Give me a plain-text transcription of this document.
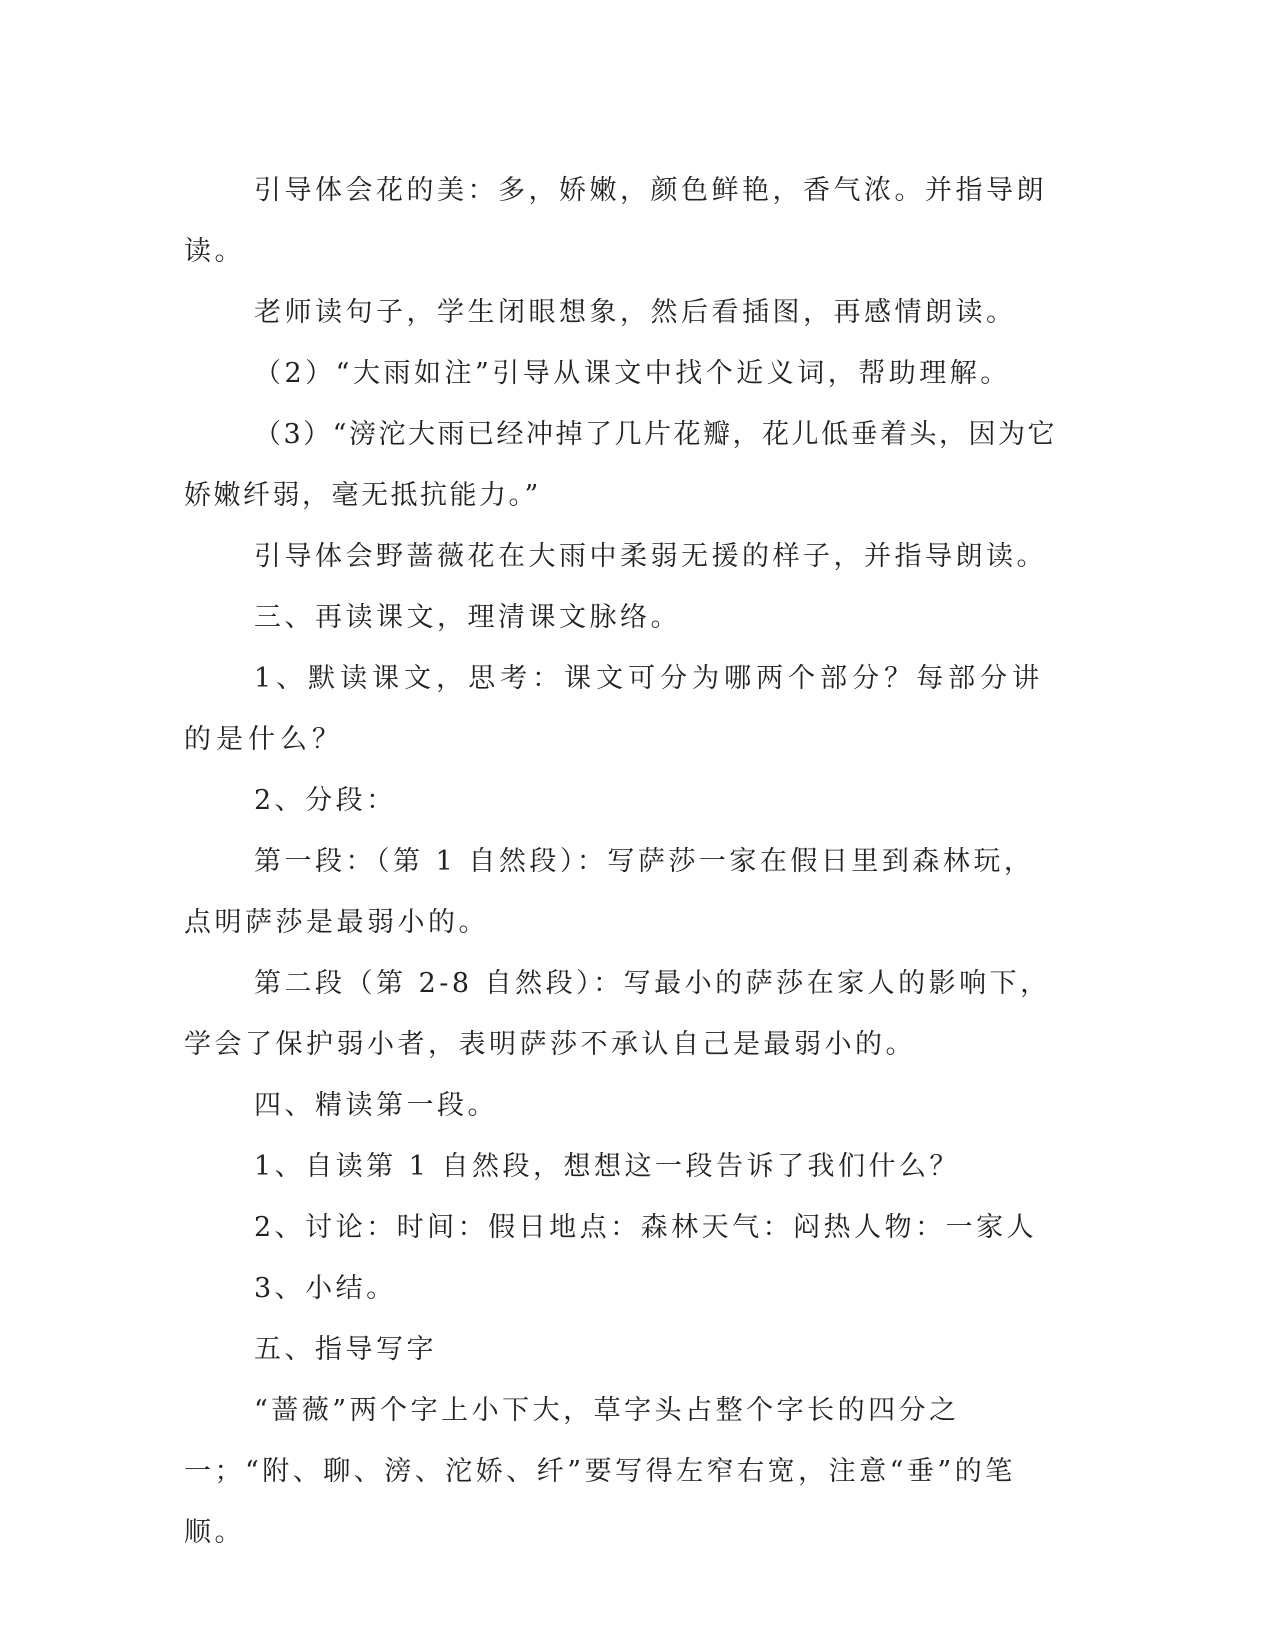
引导体会花的美：多，娇嫩，颜色鲜艳，香气浓。并指导朗读。

老师读句子，学生闭眼想象，然后看插图，再感情朗读。

（2）“大雨如注”引导从课文中找个近义词，帮助理解。

（3）“滂沱大雨已经冲掉了几片花瓣，花儿低垂着头，因为它娇嫩纤弱，毫无抵抗能力。”

引导体会野蔷薇花在大雨中柔弱无援的样子，并指导朗读。

三、再读课文，理清课文脉络。

1、默读课文，思考：课文可分为哪两个部分？每部分讲的是什么？

2、分段：

第一段：（第 1 自然段）：写萨莎一家在假日里到森林玩，点明萨莎是最弱小的。

第二段（第 2-8 自然段）：写最小的萨莎在家人的影响下，学会了保护弱小者，表明萨莎不承认自己是最弱小的。

四、精读第一段。

1、自读第 1 自然段，想想这一段告诉了我们什么？

2、讨论：时间：假日地点：森林天气：闷热人物：一家人

3、小结。

五、指导写字

“蔷薇”两个字上小下大，草字头占整个字长的四分之一；“附、聊、滂、沱娇、纤”要写得左窄右宽，注意“垂”的笔顺。
